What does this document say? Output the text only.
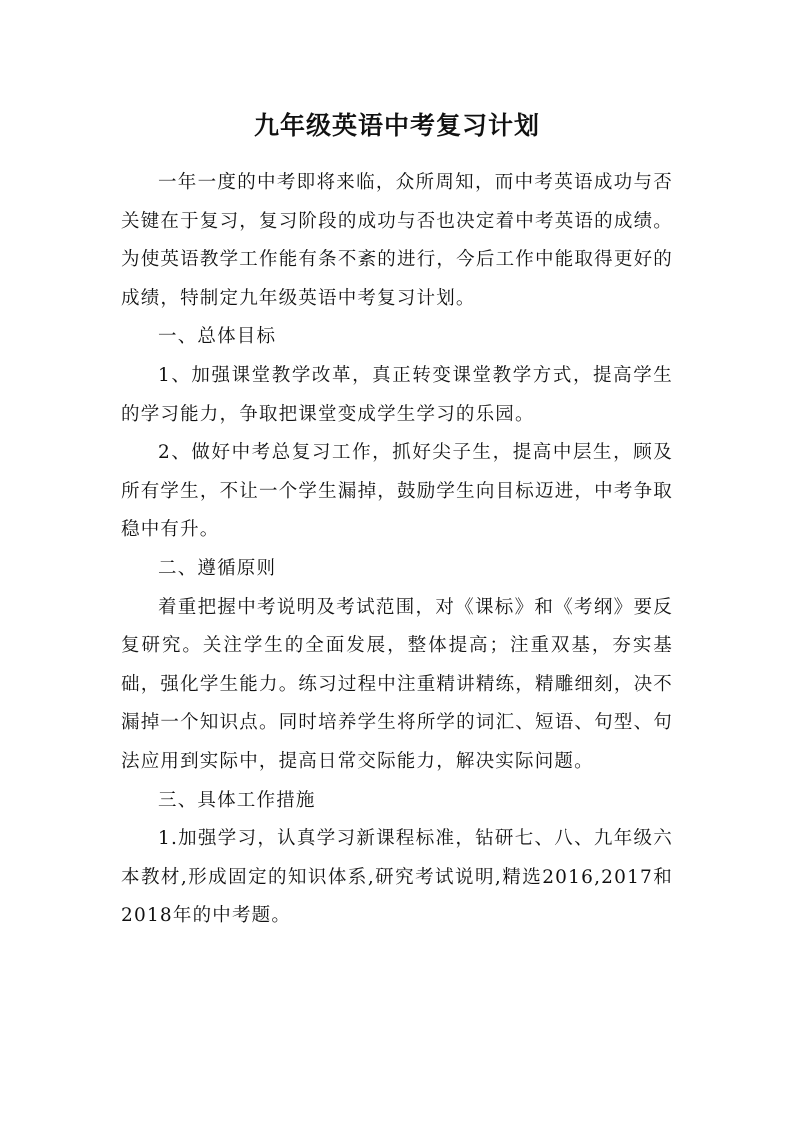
九年级英语中考复习计划

一年一度的中考即将来临，众所周知，而中考英语成功与否关键在于复习，复习阶段的成功与否也决定着中考英语的成绩。为使英语教学工作能有条不紊的进行，今后工作中能取得更好的成绩，特制定九年级英语中考复习计划。

一、总体目标

1、加强课堂教学改革，真正转变课堂教学方式，提高学生的学习能力，争取把课堂变成学生学习的乐园。

2、做好中考总复习工作，抓好尖子生，提高中层生，顾及所有学生，不让一个学生漏掉，鼓励学生向目标迈进，中考争取稳中有升。

二、遵循原则

着重把握中考说明及考试范围，对《课标》和《考纲》要反复研究。关注学生的全面发展，整体提高；注重双基，夯实基础，强化学生能力。练习过程中注重精讲精练，精雕细刻，决不漏掉一个知识点。同时培养学生将所学的词汇、短语、句型、句法应用到实际中，提高日常交际能力，解决实际问题。

三、具体工作措施

1.加强学习，认真学习新课程标准，钻研七、八、九年级六本教材,形成固定的知识体系,研究考试说明,精选2016,2017和2018年的中考题。
